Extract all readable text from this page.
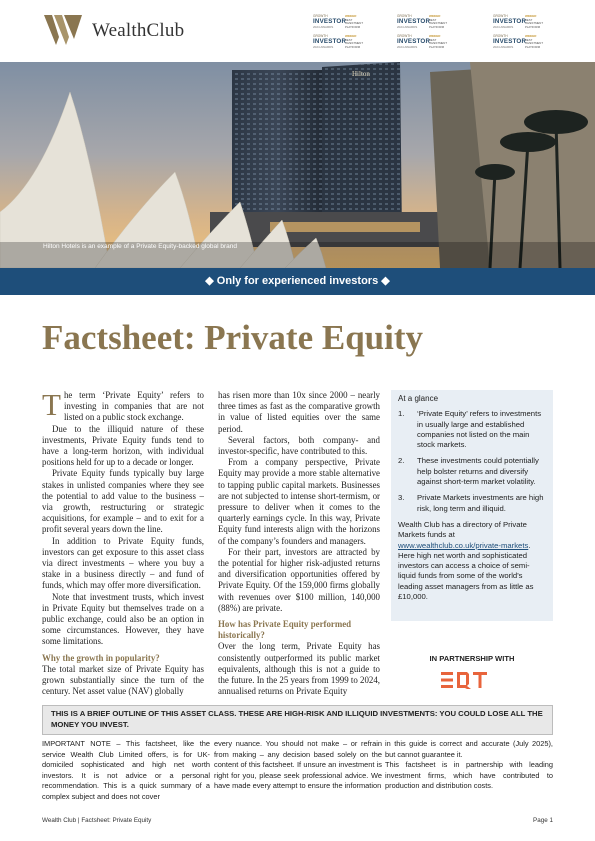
WealthClub
GROWTH
INVESTOR
2024 AWARDS
WINNER
BEST INVESTMENT PLATFORM
GROWTH
INVESTOR
2024 AWARDS
WINNER
BEST INVESTMENT PLATFORM
GROWTH
INVESTOR
2024 AWARDS
WINNER
BEST INVESTMENT PLATFORM
GROWTH
INVESTOR
2024 AWARDS
WINNER
BEST INVESTMENT PLATFORM
GROWTH
INVESTOR
2024 AWARDS
WINNER
BEST INVESTMENT PLATFORM
GROWTH
INVESTOR
2024 AWARDS
WINNER
BEST INVESTMENT PLATFORM
Hilton
Hilton Hotels is an example of a Private Equity-backed global brand
◆ Only for experienced investors ◆
Factsheet: Private Equity

The term ‘Private Equity’ refers to investing in companies that are not listed on a public stock exchange.

Due to the illiquid nature of these investments, Private Equity funds tend to have a long-term horizon, with individual positions held for up to a decade or longer.

Private Equity funds typically buy large stakes in unlisted companies where they see the potential to add value to the business – via growth, restructuring or strategic acquisitions, for example – and to exit for a profit several years down the line.

In addition to Private Equity funds, investors can get exposure to this asset class via direct investments – where you buy a stake in a business directly – and fund of funds, which may offer more diversification.

Note that investment trusts, which invest in Private Equity but themselves trade on a public exchange, could also be an option in some circumstances. However, they have some limitations.

Why the growth in popularity?

The total market size of Private Equity has grown substantially since the turn of the century. Net asset value (NAV) globally

has risen more than 10x since 2000 – nearly three times as fast as the comparative growth in value of listed equities over the same period.

Several factors, both company- and investor-specific, have contributed to this.

From a company perspective, Private Equity may provide a more stable alternative to tapping public capital markets. Businesses are not subjected to intense short-termism, or pressure to deliver when it comes to the quarterly earnings cycle. In this way, Private Equity fund interests align with the horizons of the company’s founders and managers.

For their part, investors are attracted by the potential for higher risk-adjusted returns and diversification opportunities offered by Private Equity. Of the 159,000 firms globally with revenues over $100 million, 140,000 (88%) are private.

How has Private Equity performed historically?

Over the long term, Private Equity has consistently outperformed its public market equivalents, although this is not a guide to the future. In the 25 years from 1999 to 2024, annualised returns on Private Equity

At a glance
1. ‘Private Equity’ refers to investments in usually large and established companies not listed on the main stock markets.
2. These investments could potentially help bolster returns and diversify against short-term market volatility.
3. Private Markets investments are high risk, long term and illiquid.
Wealth Club has a directory of Private Markets funds at www.wealthclub.co.uk/private-markets. Here high net worth and sophisticated investors can access a choice of semi-liquid funds from some of the world's leading asset managers from as little as £10,000.
IN PARTNERSHIP WITH
THIS IS A BRIEF OUTLINE OF THIS ASSET CLASS. THESE ARE HIGH-RISK AND ILLIQUID INVESTMENTS: YOU COULD LOSE ALL THE MONEY YOU INVEST.
IMPORTANT NOTE – This factsheet, like the service Wealth Club Limited offers, is for UK-domiciled sophisticated and high net worth investors. It is not advice or a personal recommendation. This is a quick summary of a complex subject and does not cover
every nuance. You should not make – or refrain from making – any decision based solely on the content of this factsheet. If unsure an investment is right for you, please seek professional advice. We have made every attempt to ensure the information
in this guide is correct and accurate (July 2025), but cannot guarantee it.
This factsheet is in partnership with leading investment firms, which have contributed to production and distribution costs.
Wealth Club | Factsheet: Private Equity	Page 1
